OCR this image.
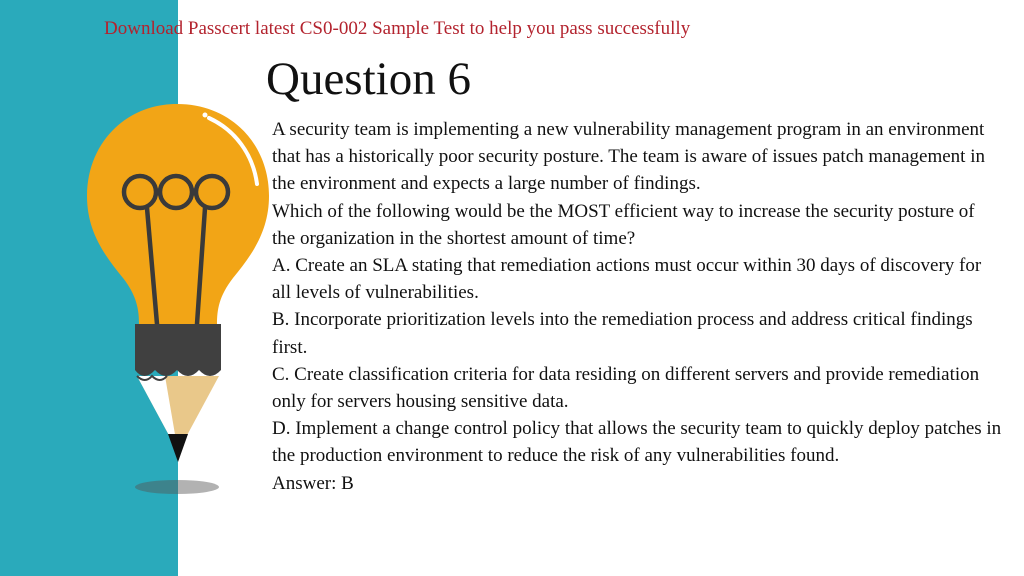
Download Passcert latest CS0-002 Sample Test to help you pass successfully

Question 6

A security team is implementing a new vulnerability management program in an environment that has a historically poor security posture. The team is aware of issues patch management in the environment and expects a large number of findings.

Which of the following would be the MOST efficient way to increase the security posture of the organization in the shortest amount of time?

A. Create an SLA stating that remediation actions must occur within 30 days of discovery for all levels of vulnerabilities.

B. Incorporate prioritization levels into the remediation process and address critical findings first.

C. Create classification criteria for data residing on different servers and provide remediation only for servers housing sensitive data.

D. Implement a change control policy that allows the security team to quickly deploy patches in the production environment to reduce the risk of any vulnerabilities found.

Answer: B
